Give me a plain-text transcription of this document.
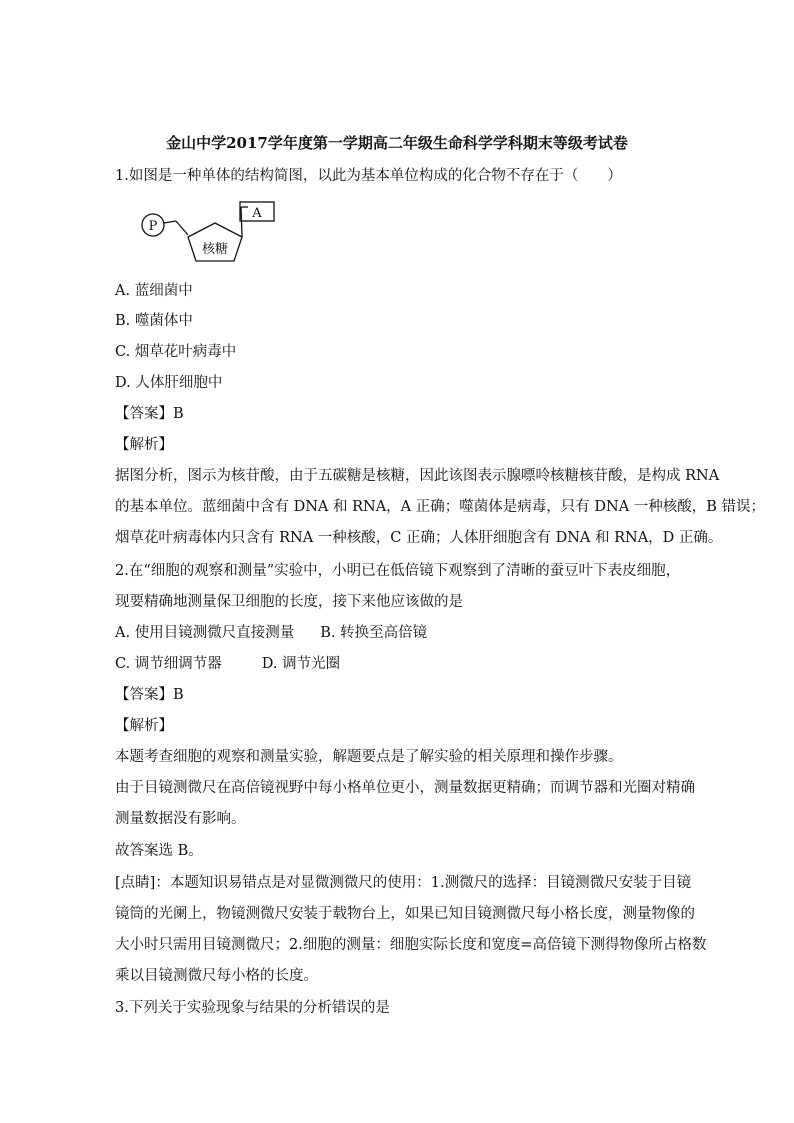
金山中学2017学年度第一学期高二年级生命科学学科期末等级考试卷
1.如图是一种单体的结构简图，以此为基本单位构成的化合物不存在于（　　）
P
核糖
A
A. 蓝细菌中
B. 噬菌体中
C. 烟草花叶病毒中
D. 人体肝细胞中
【答案】B
【解析】
据图分析，图示为核苷酸，由于五碳糖是核糖，因此该图表示腺嘌呤核糖核苷酸，是构成 RNA
的基本单位。蓝细菌中含有 DNA 和 RNA，A 正确；噬菌体是病毒，只有 DNA 一种核酸，B 错误；
烟草花叶病毒体内只含有 RNA 一种核酸，C 正确；人体肝细胞含有 DNA 和 RNA，D 正确。
2.在“细胞的观察和测量”实验中，小明已在低倍镜下观察到了清晰的蚕豆叶下表皮细胞，
现要精确地测量保卫细胞的长度，接下来他应该做的是
A. 使用目镜测微尺直接测量 B. 转换至高倍镜
C. 调节细调节器	D. 调节光圈
【答案】B
【解析】
本题考查细胞的观察和测量实验，解题要点是了解实验的相关原理和操作步骤。
由于目镜测微尺在高倍镜视野中每小格单位更小，测量数据更精确；而调节器和光圈对精确
测量数据没有影响。
故答案选 B。
[点睛]：本题知识易错点是对显微测微尺的使用：1.测微尺的选择：目镜测微尺安装于目镜
镜筒的光阑上，物镜测微尺安装于载物台上，如果已知目镜测微尺每小格长度，测量物像的
大小时只需用目镜测微尺；2.细胞的测量：细胞实际长度和宽度=高倍镜下测得物像所占格数
乘以目镜测微尺每小格的长度。
3.下列关于实验现象与结果的分析错误的是
